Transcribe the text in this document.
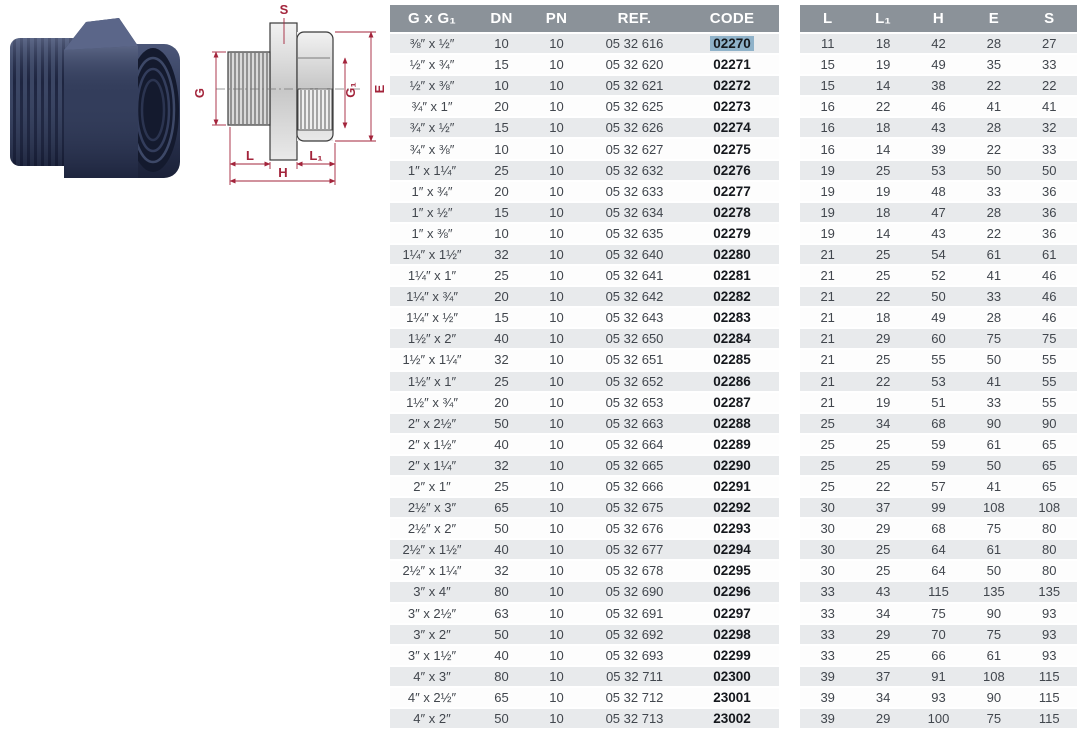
S
G	G₁ E
L	L₁
H
G x G₁	DN	PN	REF.	CODE
⅜″ x ½″	10	10	05 32 616	02270
½″ x ¾″	15	10	05 32 620	02271
½″ x ⅜″	10	10	05 32 621	02272
¾″ x 1″	20	10	05 32 625	02273
¾″ x ½″	15	10	05 32 626	02274
¾″ x ⅜″	10	10	05 32 627	02275
1″ x 1¼″	25	10	05 32 632	02276
1″ x ¾″	20	10	05 32 633	02277
1″ x ½″	15	10	05 32 634	02278
1″ x ⅜″	10	10	05 32 635	02279
1¼″ x 1½″	32	10	05 32 640	02280
1¼″ x 1″	25	10	05 32 641	02281
1¼″ x ¾″	20	10	05 32 642	02282
1¼″ x ½″	15	10	05 32 643	02283
1½″ x 2″	40	10	05 32 650	02284
1½″ x 1¼″	32	10	05 32 651	02285
1½″ x 1″	25	10	05 32 652	02286
1½″ x ¾″	20	10	05 32 653	02287
2″ x 2½″	50	10	05 32 663	02288
2″ x 1½″	40	10	05 32 664	02289
2″ x 1¼″	32	10	05 32 665	02290
2″ x 1″	25	10	05 32 666	02291
2½″ x 3″	65	10	05 32 675	02292
2½″ x 2″	50	10	05 32 676	02293
2½″ x 1½″	40	10	05 32 677	02294
2½″ x 1¼″	32	10	05 32 678	02295
3″ x 4″	80	10	05 32 690	02296
3″ x 2½″	63	10	05 32 691	02297
3″ x 2″	50	10	05 32 692	02298
3″ x 1½″	40	10	05 32 693	02299
4″ x 3″	80	10	05 32 711	02300
4″ x 2½″	65	10	05 32 712	23001
4″ x 2″	50	10	05 32 713	23002
L	L₁	H	E	S
11	18	42	28	27
15	19	49	35	33
15	14	38	22	22
16	22	46	41	41
16	18	43	28	32
16	14	39	22	33
19	25	53	50	50
19	19	48	33	36
19	18	47	28	36
19	14	43	22	36
21	25	54	61	61
21	25	52	41	46
21	22	50	33	46
21	18	49	28	46
21	29	60	75	75
21	25	55	50	55
21	22	53	41	55
21	19	51	33	55
25	34	68	90	90
25	25	59	61	65
25	25	59	50	65
25	22	57	41	65
30	37	99	108	108
30	29	68	75	80
30	25	64	61	80
30	25	64	50	80
33	43	115	135	135
33	34	75	90	93
33	29	70	75	93
33	25	66	61	93
39	37	91	108	115
39	34	93	90	115
39	29	100	75	115
